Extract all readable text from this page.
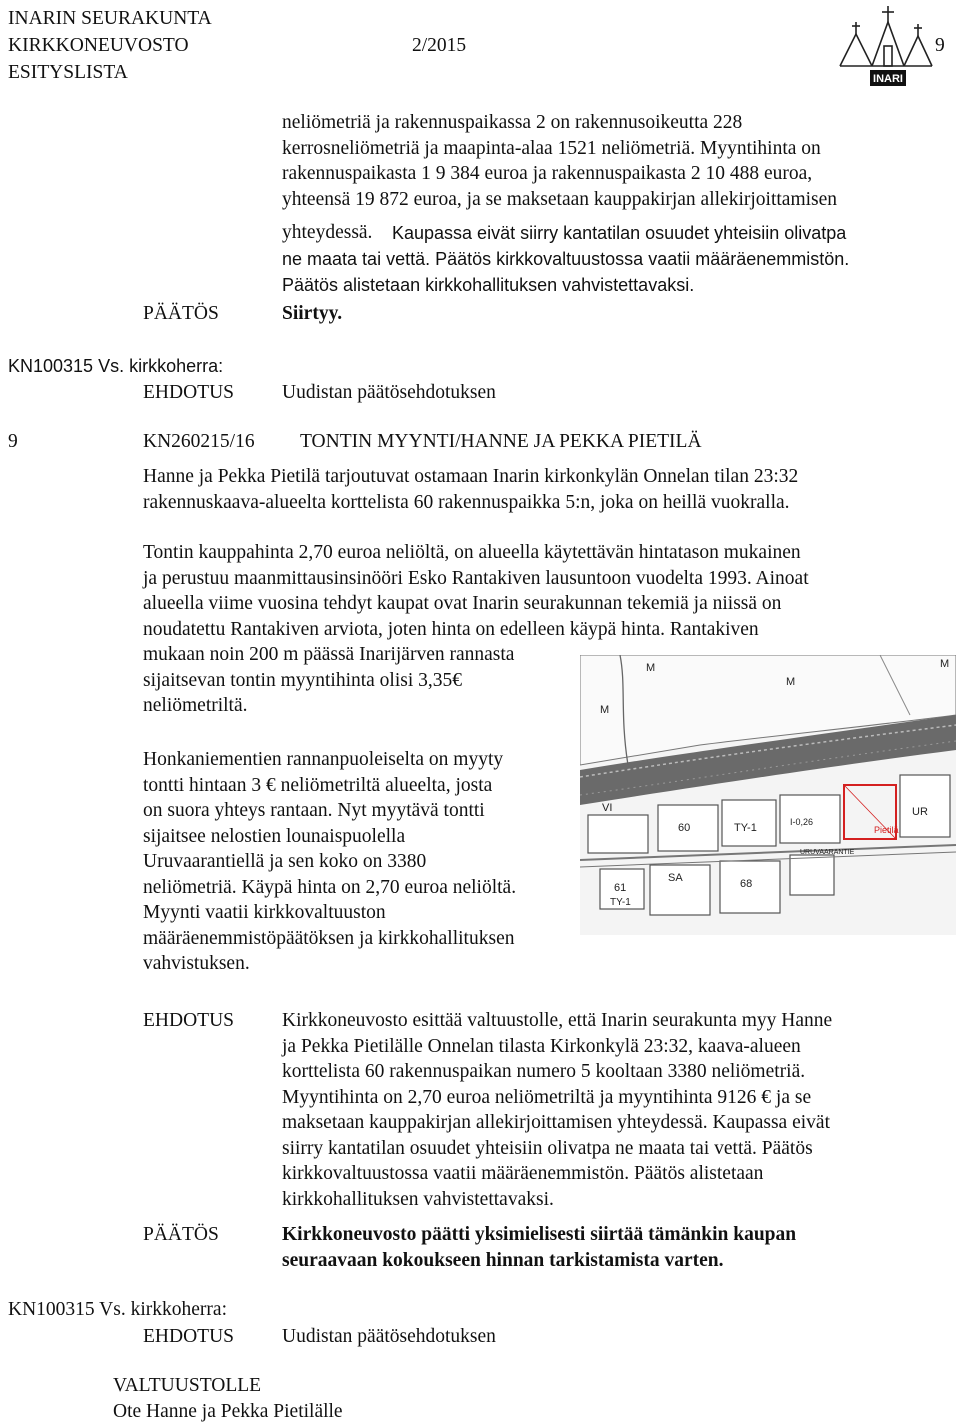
INARIN SEURAKUNTA
KIRKKONEUVOSTO	2/2015
ESITYSLISTA
9
INARI
neliömetriä ja rakennuspaikassa 2 on rakennusoikeutta 228
kerrosneliömetriä ja maapinta-alaa 1521 neliömetriä. Myyntihinta on
rakennuspaikasta 1 9 384 euroa ja rakennuspaikasta 2 10 488 euroa,
yhteensä 19 872 euroa, ja se maksetaan kauppakirjan allekirjoittamisen
yhteydessä. Kaupassa eivät siirry kantatilan osuudet yhteisiin olivatpa
ne maata tai vettä. Päätös kirkkovaltuustossa vaatii määräenemmistön.
Päätös alistetaan kirkkohallituksen vahvistettavaksi.
PÄÄTÖS	Siirtyy.
KN100315 Vs. kirkkoherra:
EHDOTUS Uudistan päätösehdotuksen
9	KN260215/16 TONTIN MYYNTI/HANNE JA PEKKA PIETILÄ
Hanne ja Pekka Pietilä tarjoutuvat ostamaan Inarin kirkonkylän Onnelan tilan 23:32
rakennuskaava-alueelta korttelista 60 rakennuspaikka 5:n, joka on heillä vuokralla.
Tontin kauppahinta 2,70 euroa neliöltä, on alueella käytettävän hintatason mukainen
ja perustuu maanmittausinsinööri Esko Rantakiven lausuntoon vuodelta 1993. Ainoat
alueella viime vuosina tehdyt kaupat ovat Inarin seurakunnan tekemiä ja niissä on
noudatettu Rantakiven arviota, joten hinta on edelleen käypä hinta. Rantakiven
mukaan noin 200 m päässä Inarijärven rannasta
sijaitsevan tontin myyntihinta olisi 3,35€
neliömetriltä.
Honkaniementien rannanpuoleiselta on myyty
tontti hintaan 3 € neliömetriltä alueelta, josta
on suora yhteys rantaan. Nyt myytävä tontti
sijaitsee nelostien lounaispuolella
Uruvaarantiellä ja sen koko on 3380
neliömetriä. Käypä hinta on 2,70 euroa neliöltä.
Myynti vaatii kirkkovaltuuston
määräenemmistöpäätöksen ja kirkkohallituksen
vahvistuksen.
M
M
M
M
VI
60	TY-1	I-0,26
UR
61
TY-1
68
SA
URUVAARANTIE
Pietilä
EHDOTUS Kirkkoneuvosto esittää valtuustolle, että Inarin seurakunta myy Hanne
ja Pekka Pietilälle Onnelan tilasta Kirkonkylä 23:32, kaava-alueen
korttelista 60 rakennuspaikan numero 5 kooltaan 3380 neliömetriä.
Myyntihinta on 2,70 euroa neliömetriltä ja myyntihinta 9126 € ja se
maksetaan kauppakirjan allekirjoittamisen yhteydessä. Kaupassa eivät
siirry kantatilan osuudet yhteisiin olivatpa ne maata tai vettä. Päätös
kirkkovaltuustossa vaatii määräenemmistön. Päätös alistetaan
kirkkohallituksen vahvistettavaksi.
PÄÄTÖS	Kirkkoneuvosto päätti yksimielisesti siirtää tämänkin kaupan
seuraavaan kokoukseen hinnan tarkistamista varten.
KN100315 Vs. kirkkoherra:
EHDOTUS Uudistan päätösehdotuksen
VALTUUSTOLLE
Ote Hanne ja Pekka Pietilälle
